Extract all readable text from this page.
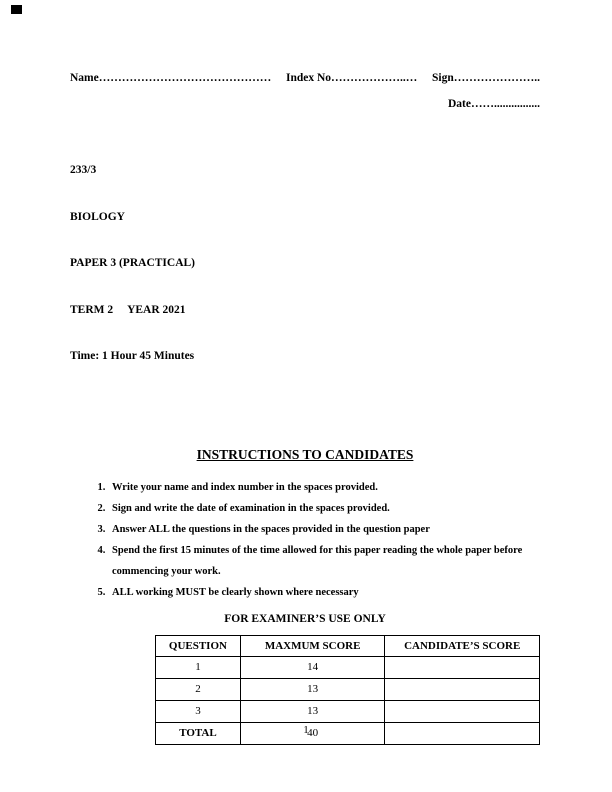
Name……………………………………… Index No………………..… Sign…………………..
Date……................

233/3

BIOLOGY

PAPER 3 (PRACTICAL)

TERM 2     YEAR 2021

Time: 1 Hour 45 Minutes

INSTRUCTIONS TO CANDIDATES
1. Write your name and index number in the spaces provided.
2. Sign and write the date of examination in the spaces provided.
3. Answer ALL the questions in the spaces provided in the question paper
4. Spend the first 15 minutes of the time allowed for this paper reading the whole paper before commencing your work.
5. ALL working MUST be clearly shown where necessary
FOR EXAMINER’S USE ONLY
QUESTION	MAXMUM SCORE	CANDIDATE’S SCORE
1	14	
2	13	
3	13	
TOTAL	40	
1
